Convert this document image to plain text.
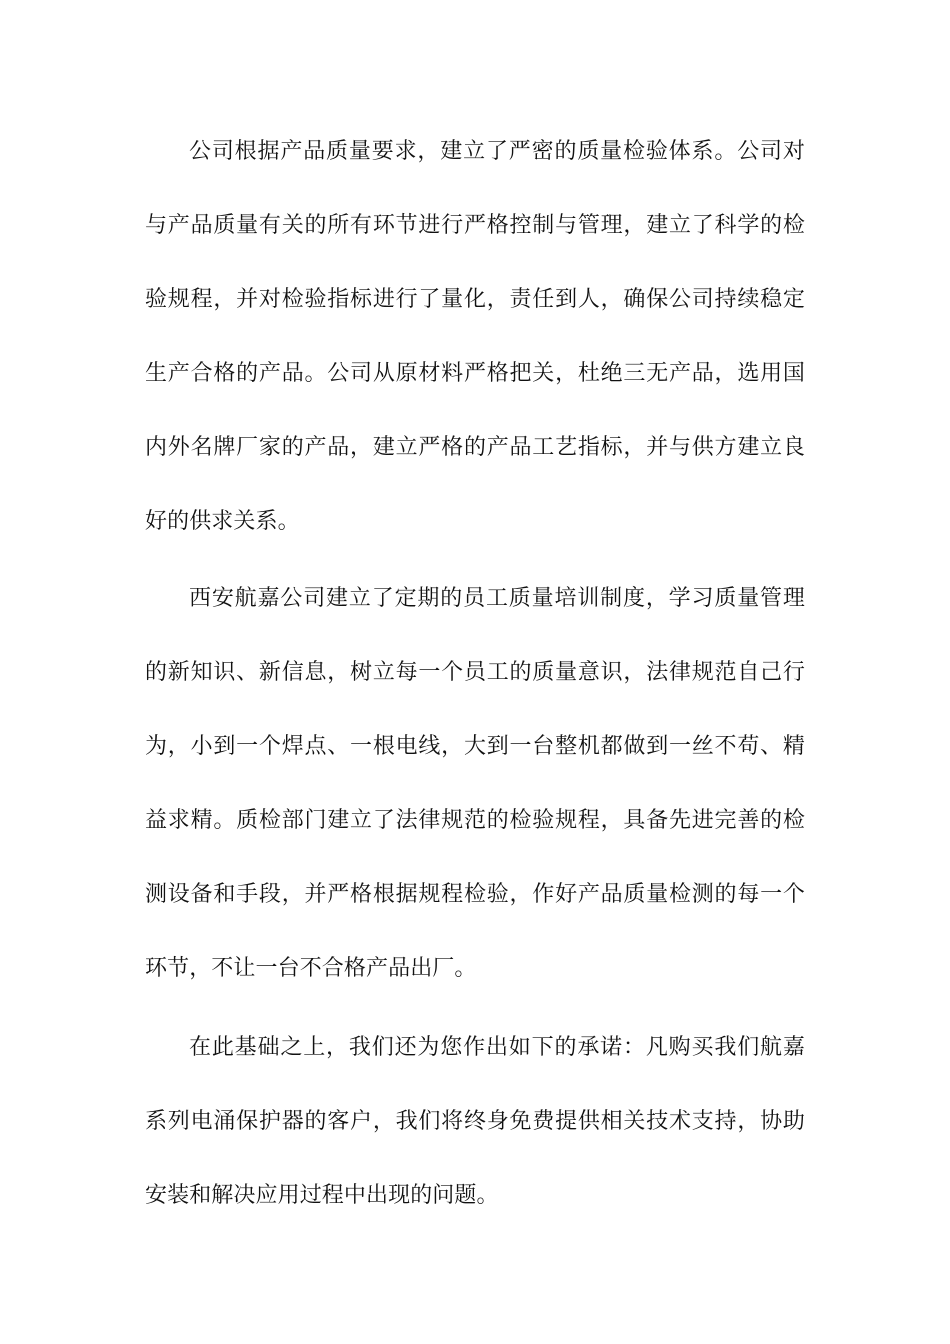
公司根据产品质量要求，建立了严密的质量检验体系。公司对
与产品质量有关的所有环节进行严格控制与管理，建立了科学的检
验规程，并对检验指标进行了量化，责任到人，确保公司持续稳定
生产合格的产品。公司从原材料严格把关，杜绝三无产品，选用国
内外名牌厂家的产品，建立严格的产品工艺指标，并与供方建立良
好的供求关系。
西安航嘉公司建立了定期的员工质量培训制度，学习质量管理
的新知识、新信息，树立每一个员工的质量意识，法律规范自己行
为，小到一个焊点、一根电线，大到一台整机都做到一丝不苟、精
益求精。质检部门建立了法律规范的检验规程，具备先进完善的检
测设备和手段，并严格根据规程检验，作好产品质量检测的每一个
环节，不让一台不合格产品出厂。
在此基础之上，我们还为您作出如下的承诺：凡购买我们航嘉
系列电涌保护器的客户，我们将终身免费提供相关技术支持，协助
安装和解决应用过程中出现的问题。
